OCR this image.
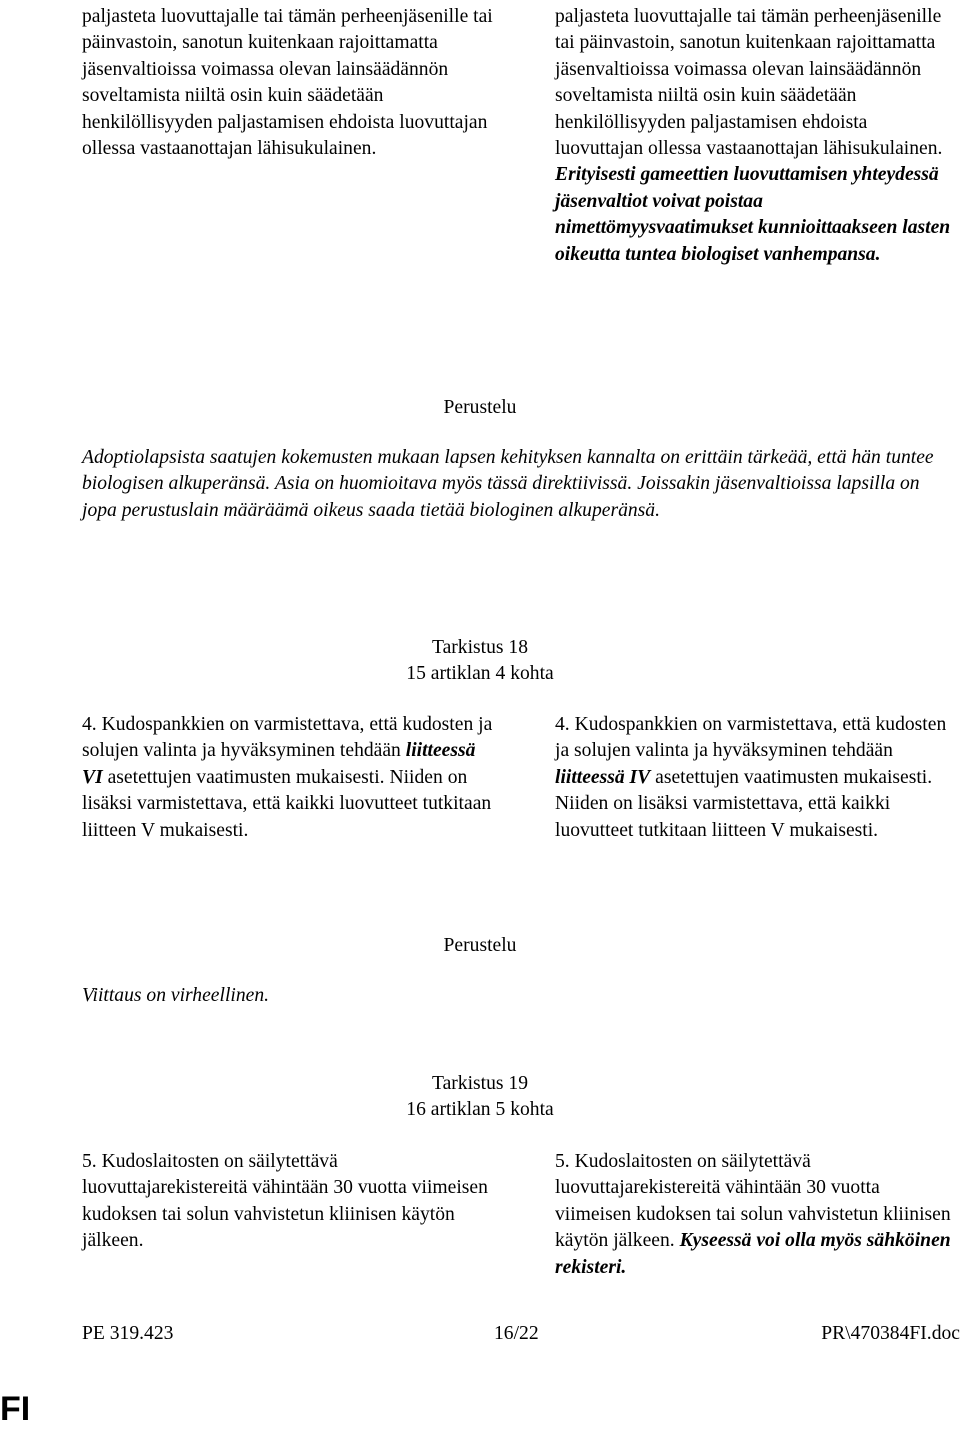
paljasteta luovuttajalle tai tämän perheenjäsenille tai päinvastoin, sanotun kuitenkaan rajoittamatta jäsenvaltioissa voimassa olevan lainsäädännön soveltamista niiltä osin kuin säädetään henkilöllisyyden paljastamisen ehdoista luovuttajan ollessa vastaanottajan lähisukulainen.
paljasteta luovuttajalle tai tämän perheenjäsenille tai päinvastoin, sanotun kuitenkaan rajoittamatta jäsenvaltioissa voimassa olevan lainsäädännön soveltamista niiltä osin kuin säädetään henkilöllisyyden paljastamisen ehdoista luovuttajan ollessa vastaanottajan lähisukulainen. Erityisesti gameettien luovuttamisen yhteydessä jäsenvaltiot voivat poistaa nimettömyysvaatimukset kunnioittaakseen lasten oikeutta tuntea biologiset vanhempansa.
Perustelu
Adoptiolapsista saatujen kokemusten mukaan lapsen kehityksen kannalta on erittäin tärkeää, että hän tuntee biologisen alkuperänsä. Asia on huomioitava myös tässä direktiivissä. Joissakin jäsenvaltioissa lapsilla on jopa perustuslain määräämä oikeus saada tietää biologinen alkuperänsä.
Tarkistus 18
15 artiklan 4 kohta
4. Kudospankkien on varmistettava, että kudosten ja solujen valinta ja hyväksyminen tehdään liitteessä VI asetettujen vaatimusten mukaisesti. Niiden on lisäksi varmistettava, että kaikki luovutteet tutkitaan liitteen V mukaisesti.
4. Kudospankkien on varmistettava, että kudosten ja solujen valinta ja hyväksyminen tehdään liitteessä IV asetettujen vaatimusten mukaisesti. Niiden on lisäksi varmistettava, että kaikki luovutteet tutkitaan liitteen V mukaisesti.
Perustelu
Viittaus on virheellinen.
Tarkistus 19
16 artiklan 5 kohta
5. Kudoslaitosten on säilytettävä luovuttajarekistereitä vähintään 30 vuotta viimeisen kudoksen tai solun vahvistetun kliinisen käytön jälkeen.
5. Kudoslaitosten on säilytettävä luovuttajarekistereitä vähintään 30 vuotta viimeisen kudoksen tai solun vahvistetun kliinisen käytön jälkeen. Kyseessä voi olla myös sähköinen rekisteri.
PE 319.423	16/22	PR\470384FI.doc
FI
